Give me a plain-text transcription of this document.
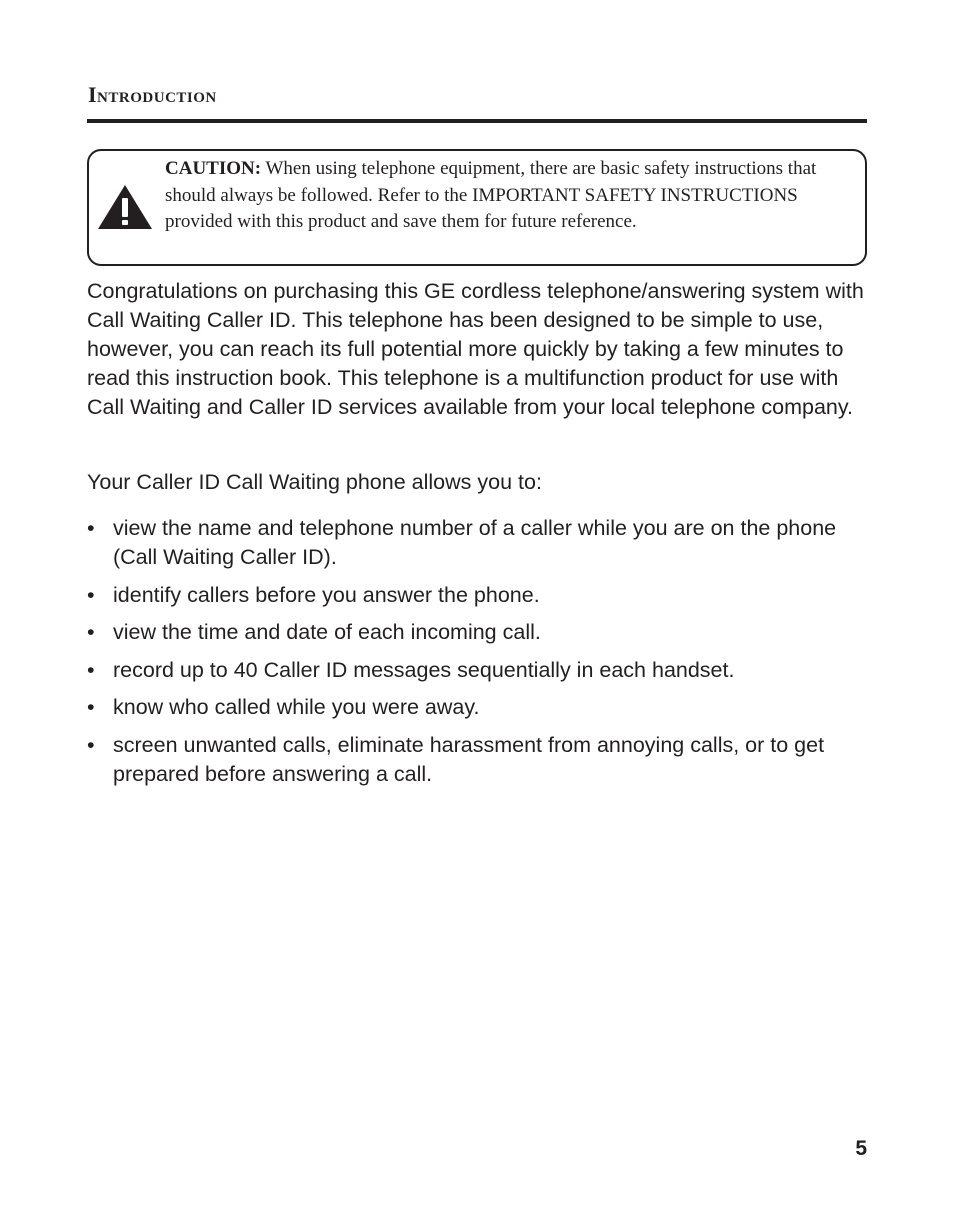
Introduction

CAUTION: When using telephone equipment, there are basic safety instructions that should always be followed. Refer to the IMPORTANT SAFETY INSTRUCTIONS provided with this product and save them for future reference.

Congratulations on purchasing this GE cordless telephone/answering system with Call Waiting Caller ID. This telephone has been designed to be simple to use, however, you can reach its full potential more quickly by taking a few minutes to read this instruction book. This telephone is a multifunction product for use with Call Waiting and Caller ID services available from your local telephone company.

Your Caller ID Call Waiting phone allows you to:

• view the name and telephone number of a caller while you are on the phone (Call Waiting Caller ID).
• identify callers before you answer the phone.
• view the time and date of each incoming call.
• record up to 40 Caller ID messages sequentially in each handset.
• know who called while you were away.
• screen unwanted calls, eliminate harassment from annoying calls, or to get prepared before answering a call.

5
